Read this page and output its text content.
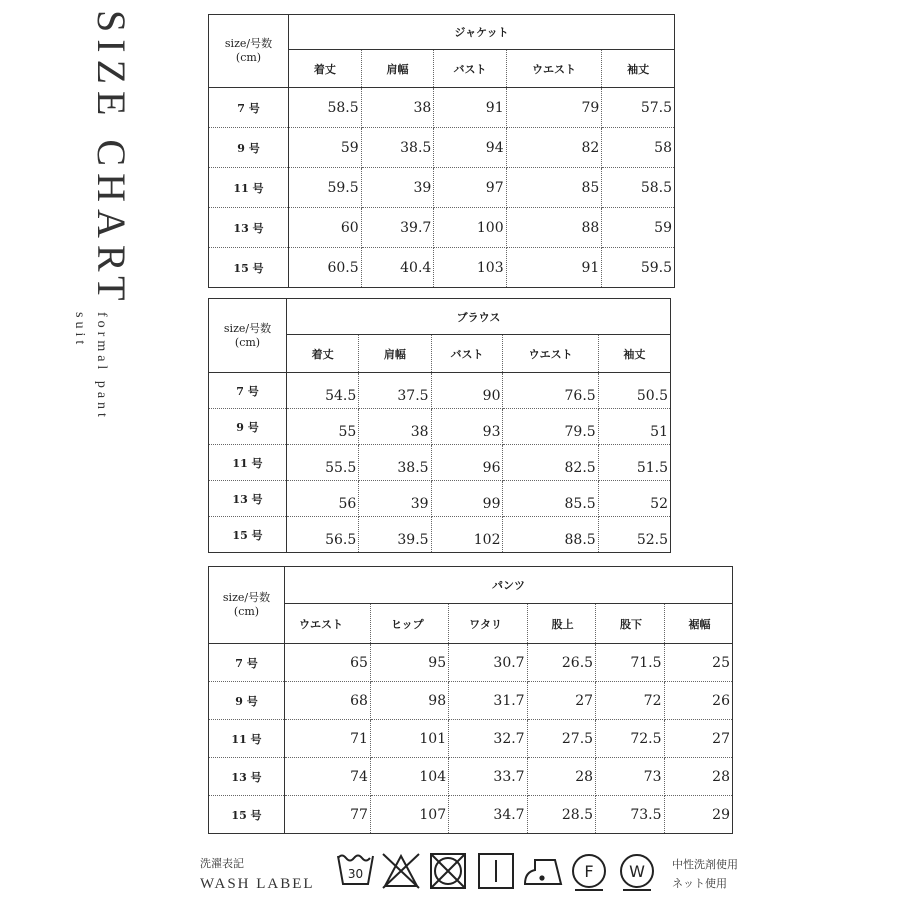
SIZE CHART
formal pant suit
size/号数
(cm)	ジャケット				
	着丈	肩幅	バスト	ウエスト	袖丈
7 号	58.5	38	91	79	57.5
9 号	59	38.5	94	82	58
11 号	59.5	39	97	85	58.5
13 号	60	39.7	100	88	59
15 号	60.5	40.4	103	91	59.5
size/号数
(cm)	ブラウス				
	着丈	肩幅	バスト	ウエスト	袖丈
7 号	54.5	37.5	90	76.5	50.5
9 号	55	38	93	79.5	51
11 号	55.5	38.5	96	82.5	51.5
13 号	56	39	99	85.5	52
15 号	56.5	39.5	102	88.5	52.5
size/号数
(cm)	パンツ					
	ウエスト	ヒップ	ワタリ	股上	股下	裾幅
7 号	65	95	30.7	26.5	71.5	25
9 号	68	98	31.7	27	72	26
11 号	71	101	32.7	27.5	72.5	27
13 号	74	104	33.7	28	73	28
15 号	77	107	34.7	28.5	73.5	29
洗濯表記
WASH LABEL
30	F W 中性洗剤使用
ネット使用
